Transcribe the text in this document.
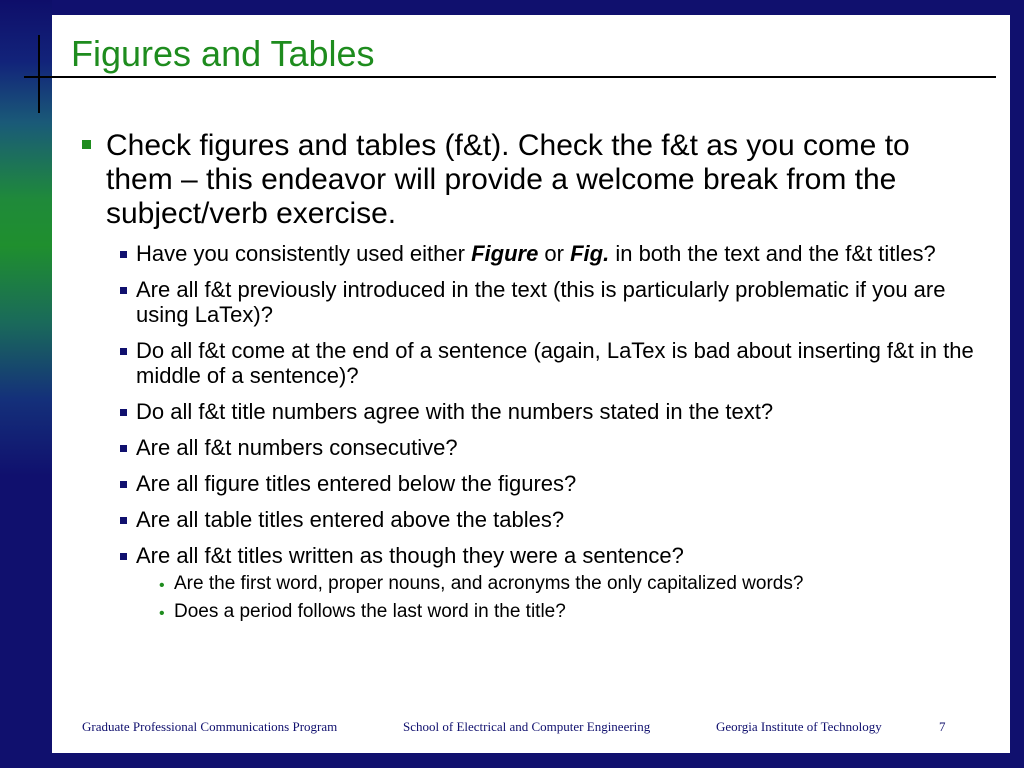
Figures and Tables
Check figures and tables (f&t). Check the f&t as you come to them – this endeavor will provide a welcome break from the subject/verb exercise.
Have you consistently used either Figure or Fig. in both the text and the f&t titles?
Are all f&t previously introduced in the text (this is particularly problematic if you are using LaTex)?
Do all f&t come at the end of a sentence (again, LaTex is bad about inserting f&t in the middle of a sentence)?
Do all f&t title numbers agree with the numbers stated in the text?
Are all f&t numbers consecutive?
Are all figure titles entered below the figures?
Are all table titles entered above the tables?
Are all f&t titles written as though they were a sentence?
• Are the first word, proper nouns, and acronyms the only capitalized words?
• Does a period follows the last word in the title?
Graduate Professional Communications Program	School of Electrical and Computer Engineering	Georgia Institute of Technology	7
